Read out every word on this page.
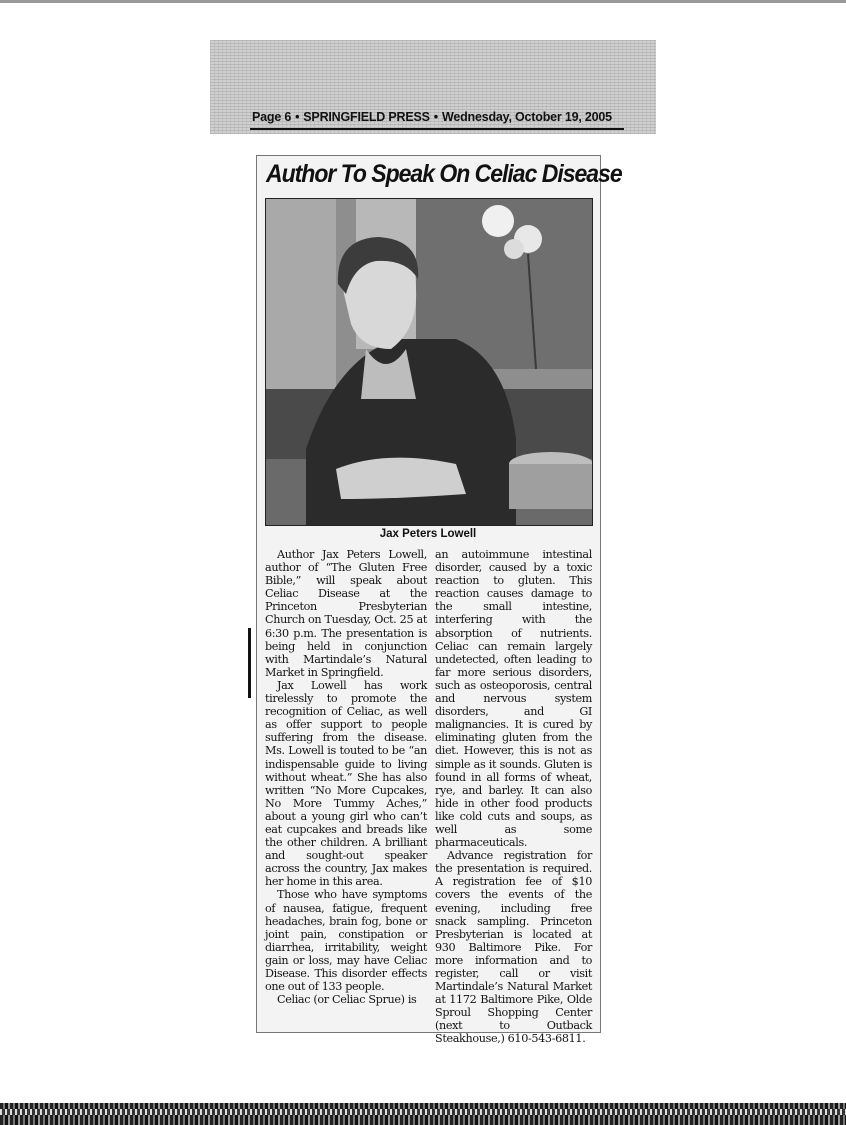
Page 6 • SPRINGFIELD PRESS • Wednesday, October 19, 2005
Author To Speak On Celiac Disease
Jax Peters Lowell

Author Jax Peters Lowell, author of “The Gluten Free Bible,” will speak about Celiac Disease at the Princeton Presbyterian Church on Tuesday, Oct. 25 at 6:30 p.m. The presentation is being held in conjunction with Martindale’s Natural Market in Springfield.

Jax Lowell has work tirelessly to promote the recognition of Celiac, as well as offer support to people suffering from the disease. Ms. Lowell is touted to be “an indispensable guide to living without wheat.” She has also written “No More Cupcakes, No More Tummy Aches,” about a young girl who can’t eat cupcakes and breads like the other children. A brilliant and sought-out speaker across the country, Jax makes her home in this area.

Those who have symptoms of nausea, fatigue, frequent headaches, brain fog, bone or joint pain, constipation or diarrhea, irritability, weight gain or loss, may have Celiac Disease. This disorder effects one out of 133 people.

Celiac (or Celiac Sprue) is

an autoimmune intestinal disorder, caused by a toxic reaction to gluten. This reaction causes damage to the small intestine, interfering with the absorption of nutrients. Celiac can remain largely undetected, often leading to far more serious disorders, such as osteoporosis, central and nervous system disorders, and GI malignancies. It is cured by eliminating gluten from the diet. However, this is not as simple as it sounds. Gluten is found in all forms of wheat, rye, and barley. It can also hide in other food products like cold cuts and soups, as well as some pharmaceuticals.

Advance registration for the presentation is required. A registration fee of $10 covers the events of the evening, including free snack sampling. Princeton Presbyterian is located at 930 Baltimore Pike. For more information and to register, call or visit Martindale’s Natural Market at 1172 Baltimore Pike, Olde Sproul Shopping Center (next to Outback Steakhouse,) 610-543-6811.
